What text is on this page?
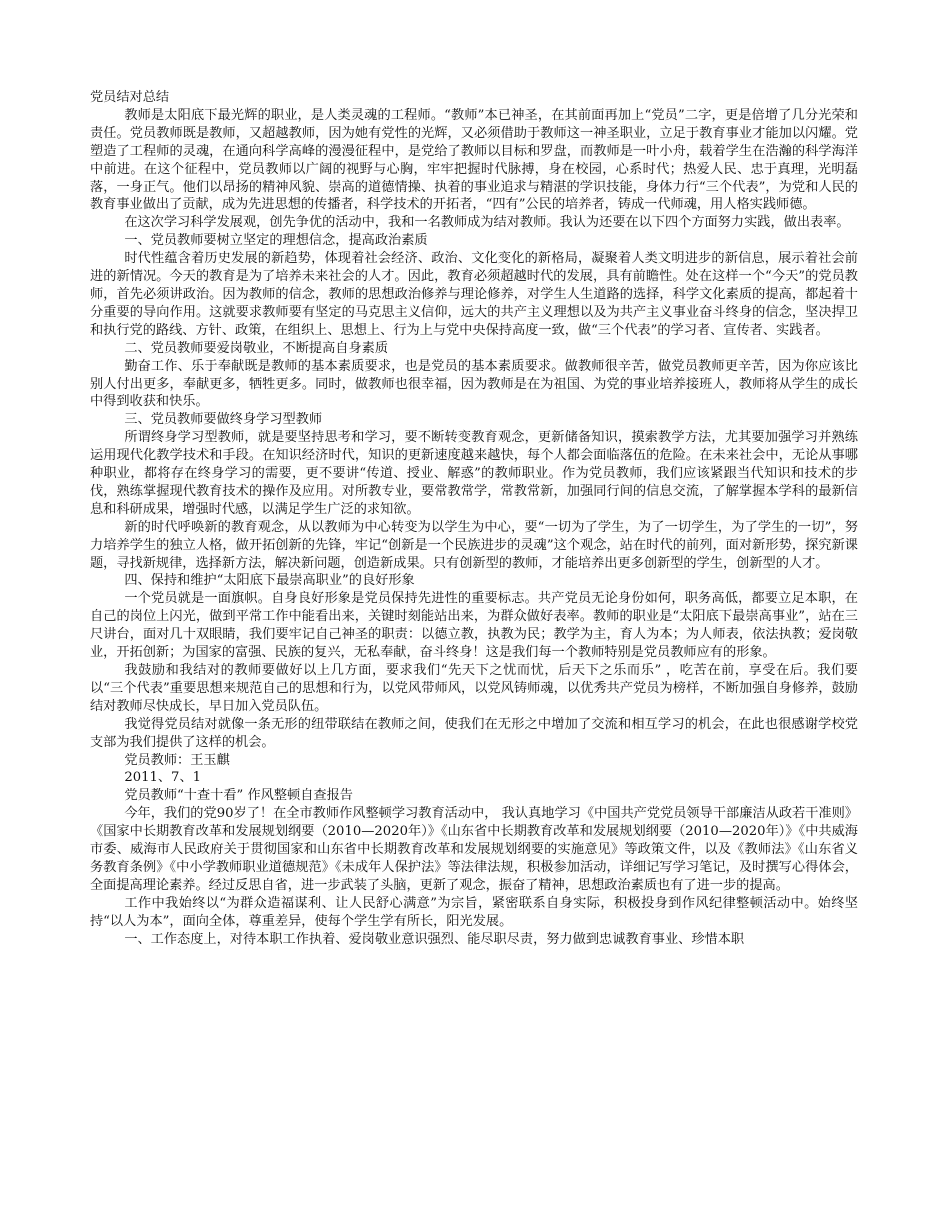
党员结对总结

教师是太阳底下最光辉的职业，是人类灵魂的工程师。“教师”本已神圣，在其前面再加上“党员”二字，更是倍增了几分光荣和责任。党员教师既是教师，又超越教师，因为她有党性的光辉，又必须借助于教师这一神圣职业，立足于教育事业才能加以闪耀。党塑造了工程师的灵魂，在通向科学高峰的漫漫征程中，是党给了教师以目标和罗盘，而教师是一叶小舟，载着学生在浩瀚的科学海洋中前进。在这个征程中，党员教师以广阔的视野与心胸，牢牢把握时代脉搏，身在校园，心系时代；热爱人民、忠于真理，光明磊落，一身正气。他们以昂扬的精神风貌、崇高的道德情操、执着的事业追求与精湛的学识技能，身体力行“三个代表”，为党和人民的教育事业做出了贡献，成为先进思想的传播者，科学技术的开拓者，“四有”公民的培养者，铸成一代师魂，用人格实践师德。

在这次学习科学发展观，创先争优的活动中，我和一名教师成为结对教师。我认为还要在以下四个方面努力实践，做出表率。

一、党员教师要树立坚定的理想信念，提高政治素质

时代性蕴含着历史发展的新趋势，体现着社会经济、政治、文化变化的新格局，凝聚着人类文明进步的新信息，展示着社会前进的新情况。今天的教育是为了培养未来社会的人才。因此，教育必须超越时代的发展，具有前瞻性。处在这样一个“今天”的党员教师，首先必须讲政治。因为教师的信念，教师的思想政治修养与理论修养，对学生人生道路的选择，科学文化素质的提高，都起着十分重要的导向作用。这就要求教师要有坚定的马克思主义信仰，远大的共产主义理想以及为共产主义事业奋斗终身的信念，坚决捍卫和执行党的路线、方针、政策，在组织上、思想上、行为上与党中央保持高度一致，做“三个代表”的学习者、宣传者、实践者。

二、党员教师要爱岗敬业，不断提高自身素质

勤奋工作、乐于奉献既是教师的基本素质要求，也是党员的基本素质要求。做教师很辛苦，做党员教师更辛苦，因为你应该比别人付出更多，奉献更多，牺牲更多。同时，做教师也很幸福，因为教师是在为祖国、为党的事业培养接班人，教师将从学生的成长中得到收获和快乐。

三、党员教师要做终身学习型教师

所谓终身学习型教师，就是要坚持思考和学习，要不断转变教育观念，更新储备知识，摸索教学方法，尤其要加强学习并熟练运用现代化教学技术和手段。在知识经济时代，知识的更新速度越来越快，每个人都会面临落伍的危险。在未来社会中，无论从事哪种职业，都将存在终身学习的需要，更不要讲“传道、授业、解惑”的教师职业。作为党员教师，我们应该紧跟当代知识和技术的步伐，熟练掌握现代教育技术的操作及应用。对所教专业，要常教常学，常教常新，加强同行间的信息交流，了解掌握本学科的最新信息和科研成果，增强时代感，以满足学生广泛的求知欲。

新的时代呼唤新的教育观念，从以教师为中心转变为以学生为中心，要“一切为了学生，为了一切学生，为了学生的一切”，努力培养学生的独立人格，做开拓创新的先锋，牢记“创新是一个民族进步的灵魂”这个观念，站在时代的前列，面对新形势，探究新课题，寻找新规律，选择新方法，解决新问题，创造新成果。只有创新型的教师，才能培养出更多创新型的学生，创新型的人才。

四、保持和维护“太阳底下最崇高职业”的良好形象

一个党员就是一面旗帜。自身良好形象是党员保持先进性的重要标志。共产党员无论身份如何，职务高低，都要立足本职，在自己的岗位上闪光，做到平常工作中能看出来，关键时刻能站出来，为群众做好表率。教师的职业是“太阳底下最崇高事业”，站在三尺讲台，面对几十双眼睛，我们要牢记自己神圣的职责：以德立教，执教为民；教学为主，育人为本；为人师表，依法执教；爱岗敬业，开拓创新；为国家的富强、民族的复兴，无私奉献，奋斗终身！这是我们每一个教师特别是党员教师应有的形象。

我鼓励和我结对的教师要做好以上几方面，要求我们“先天下之忧而忧，后天下之乐而乐” ，吃苦在前，享受在后。我们要以“三个代表”重要思想来规范自己的思想和行为，以党风带师风，以党风铸师魂，以优秀共产党员为榜样，不断加强自身修养，鼓励结对教师尽快成长，早日加入党员队伍。

我觉得党员结对就像一条无形的纽带联结在教师之间，使我们在无形之中增加了交流和相互学习的机会，在此也很感谢学校党支部为我们提供了这样的机会。

党员教师：王玉麒

2011、7、1

党员教师“十查十看” 作风整顿自查报告

今年，我们的党90岁了！在全市教师作风整顿学习教育活动中， 我认真地学习《中国共产党党员领导干部廉洁从政若干准则》《国家中长期教育改革和发展规划纲要（2010—2020年）》《山东省中长期教育改革和发展规划纲要（2010—2020年）》《中共威海市委、威海市人民政府关于贯彻国家和山东省中长期教育改革和发展规划纲要的实施意见》等政策文件，以及《教师法》《山东省义务教育条例》《中小学教师职业道德规范》《未成年人保护法》等法律法规，积极参加活动，详细记写学习笔记，及时撰写心得体会，全面提高理论素养。经过反思自省，进一步武装了头脑，更新了观念，振奋了精神，思想政治素质也有了进一步的提高。

工作中我始终以“为群众造福谋利、让人民舒心满意”为宗旨，紧密联系自身实际，积极投身到作风纪律整顿活动中。始终坚持“以人为本”，面向全体，尊重差异，使每个学生学有所长，阳光发展。

一、工作态度上，对待本职工作执着、爱岗敬业意识强烈、能尽职尽责，努力做到忠诚教育事业、珍惜本职
